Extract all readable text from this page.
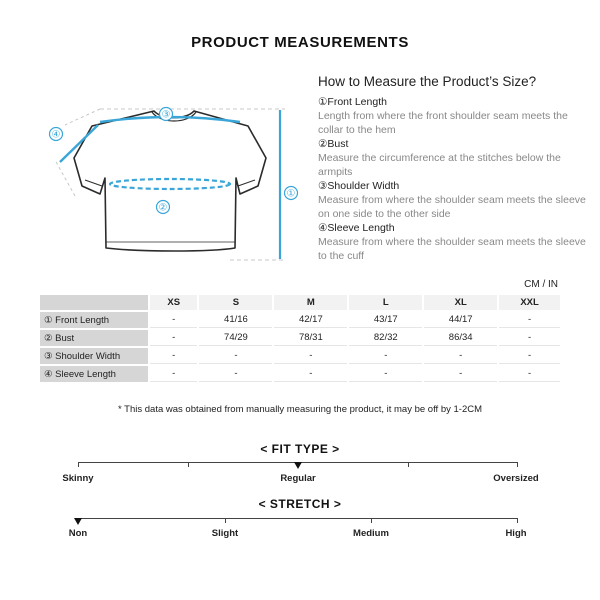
PRODUCT MEASUREMENTS
③
④
②
①
How to Measure the Product’s Size?
①Front Length
Length from where the front shoulder seam meets the collar to the hem
②Bust
Measure the circumference at the stitches below the armpits
③Shoulder Width
Measure from where the shoulder seam meets the sleeve on one side to the other side
④Sleeve Length
Measure from where the shoulder seam meets the sleeve to the cuff
CM / IN
	XS	S	M	L	XL	XXL
① Front Length	-	41/16	42/17	43/17	44/17	-
② Bust	-	74/29	78/31	82/32	86/34	-
③ Shoulder Width	-	-	-	-	-	-
④ Sleeve Length	-	-	-	-	-	-
* This data was obtained from manually measuring the product, it may be off by 1-2CM
< FIT TYPE >
Skinny	Regular	Oversized
< STRETCH >
Non	Slight	Medium	High
